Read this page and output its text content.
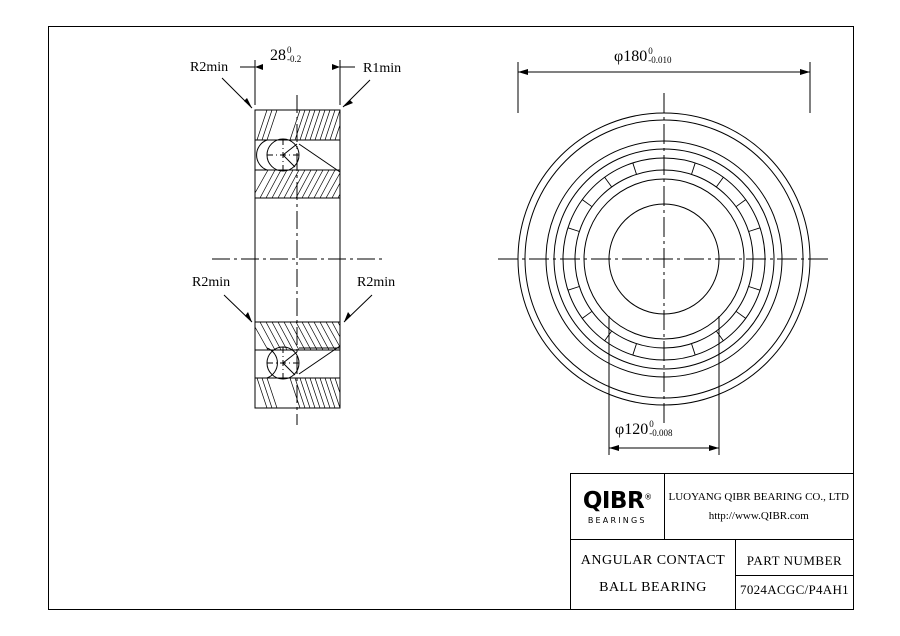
R2min	R1min
R2min	R2min
28 0
-0.2	φ180 0
-0.010
φ120 0
-0.008
QIBR®
BEARINGS
LUOYANG QIBR BEARING CO., LTD
http://www.QIBR.com
ANGULAR CONTACT
BALL BEARING
PART NUMBER
7024ACGC/P4AH1
